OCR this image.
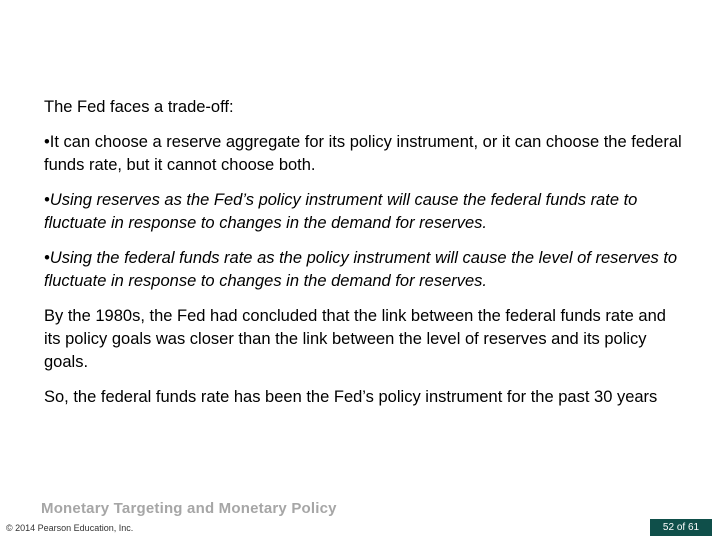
The Fed faces a trade-off:

•It can choose a reserve aggregate for its policy instrument, or it can choose the federal funds rate, but it cannot choose both.

•Using reserves as the Fed’s policy instrument will cause the federal funds rate to fluctuate in response to changes in the demand for reserves.

•Using the federal funds rate as the policy instrument will cause the level of reserves to fluctuate in response to changes in the demand for reserves.

By the 1980s, the Fed had concluded that the link between the federal funds rate and its policy goals was closer than the link between the level of reserves and its policy goals.

So, the federal funds rate has been the Fed’s policy instrument for the past 30 years

Monetary Targeting and Monetary Policy
© 2014 Pearson Education, Inc.	52 of 61
